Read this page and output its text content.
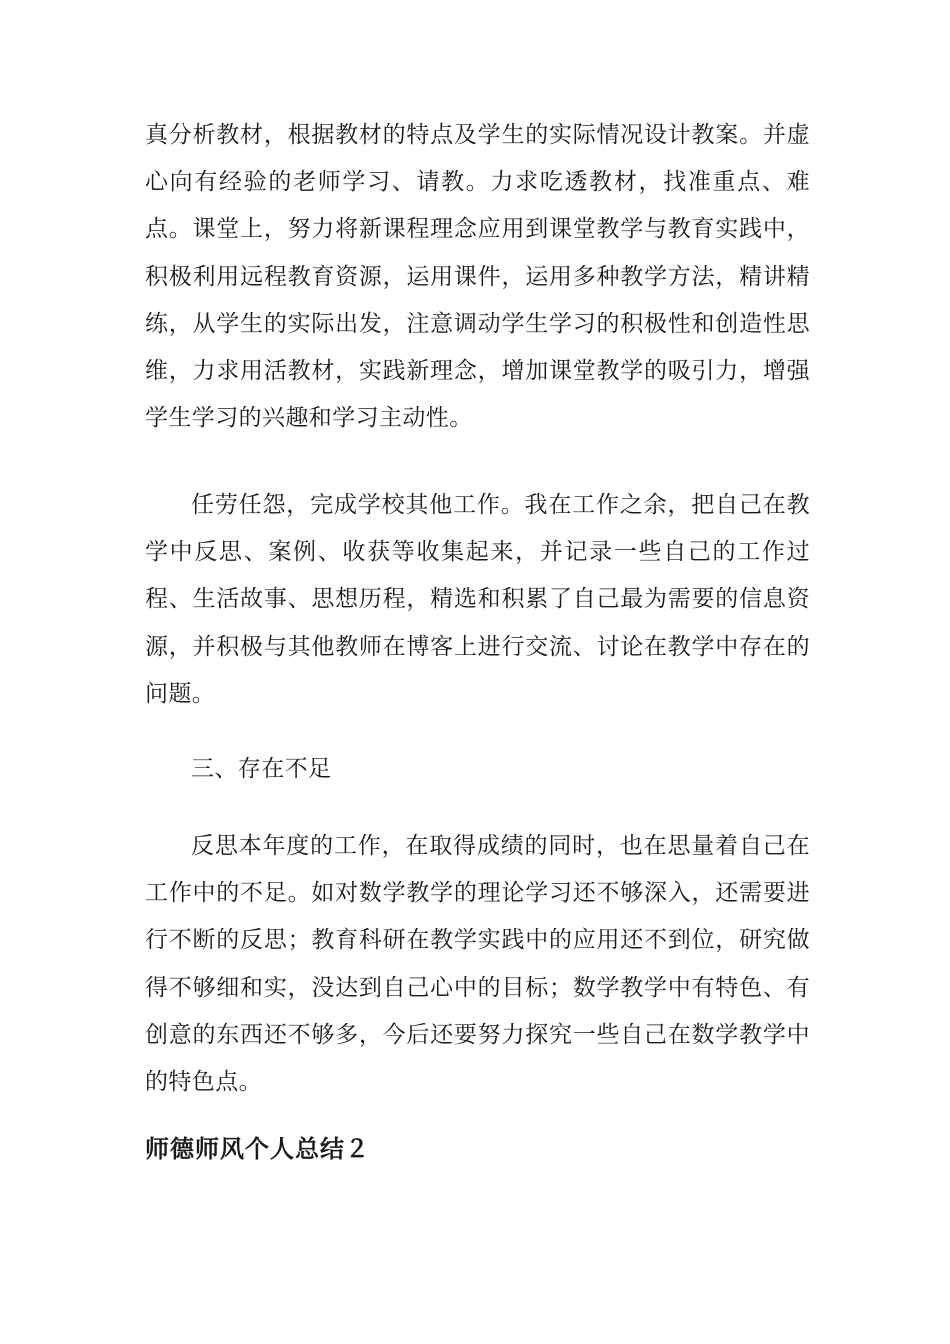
真分析教材，根据教材的特点及学生的实际情况设计教案。并虚心向有经验的老师学习、请教。力求吃透教材，找准重点、难点。课堂上，努力将新课程理念应用到课堂教学与教育实践中，积极利用远程教育资源，运用课件，运用多种教学方法，精讲精练，从学生的实际出发，注意调动学生学习的积极性和创造性思维，力求用活教材，实践新理念，增加课堂教学的吸引力，增强学生学习的兴趣和学习主动性。

任劳任怨，完成学校其他工作。我在工作之余，把自己在教学中反思、案例、收获等收集起来，并记录一些自己的工作过程、生活故事、思想历程，精选和积累了自己最为需要的信息资源，并积极与其他教师在博客上进行交流、讨论在教学中存在的问题。

三、存在不足

反思本年度的工作，在取得成绩的同时，也在思量着自己在工作中的不足。如对数学教学的理论学习还不够深入，还需要进行不断的反思；教育科研在教学实践中的应用还不到位，研究做得不够细和实，没达到自己心中的目标；数学教学中有特色、有创意的东西还不够多，今后还要努力探究一些自己在数学教学中的特色点。

师德师风个人总结２
